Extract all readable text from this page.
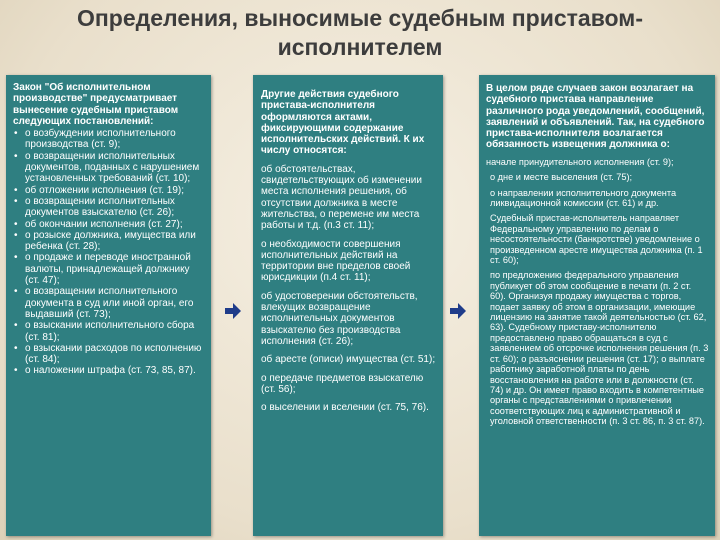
Определения, выносимые судебным приставом-исполнителем
Закон "Об исполнительном производстве" предусматривает вынесение судебным приставом следующих постановлений:
• о возбуждении исполнительного производства (ст. 9);
• о возвращении исполнительных документов, поданных с нарушением установленных требований (ст. 10);
• об отложении исполнения (ст. 19);
• о возвращении исполнительных документов взыскателю (ст. 26);
• об окончании исполнения (ст. 27);
• о розыске должника, имущества или ребенка (ст. 28);
• о продаже и переводе иностранной валюты, принадлежащей должнику (ст. 47);
• о возвращении исполнительного документа в суд или иной орган, его выдавший (ст. 73);
• о взыскании исполнительного сбора (ст. 81);
• о взыскании расходов по исполнению (ст. 84);
• о наложении штрафа (ст. 73, 85, 87).
Другие действия судебного пристава-исполнителя оформляются актами, фиксирующими содержание исполнительских действий. К их числу относятся:
об обстоятельствах, свидетельствующих об изменении места исполнения решения, об отсутствии должника в месте жительства, о перемене им места работы и т.д. (п.3 ст. 11);
о необходимости совершения исполнительных действий на территории вне пределов своей юрисдикции (п.4 ст. 11);
об удостоверении обстоятельств, влекущих возвращение исполнительных документов взыскателю без производства исполнения (ст. 26);
об аресте (описи) имущества (ст. 51);
о передаче предметов взыскателю (ст. 56);
о выселении и вселении (ст. 75, 76).
В целом ряде случаев закон возлагает на судебного пристава направление различного рода уведомлений, сообщений, заявлений и объявлений. Так, на судебного пристава-исполнителя возлагается обязанность извещения должника о:
начале принудительного исполнения (ст. 9);
о дне и месте выселения (ст. 75);
о направлении исполнительного документа ликвидационной комиссии (ст. 61) и др.
Судебный пристав-исполнитель направляет Федеральному управлению по делам о несостоятельности (банкротстве) уведомление о произведенном аресте имущества должника (п. 1 ст. 60);
по предложению федерального управления публикует об этом сообщение в печати (п. 2 ст. 60). Организуя продажу имущества с торгов, подает заявку об этом в организации, имеющие лицензию на занятие такой деятельностью (ст. 62, 63). Судебному приставу-исполнителю предоставлено право обращаться в суд с заявлением об отсрочке исполнения решения (п. 3 ст. 60); о разъяснении решения (ст. 17); о выплате работнику заработной платы по день восстановления на работе или в должности (ст. 74) и др. Он имеет право входить в компетентные органы с представлениями о привлечении соответствующих лиц к административной и уголовной ответственности (п. 3 ст. 86, п. 3 ст. 87).
